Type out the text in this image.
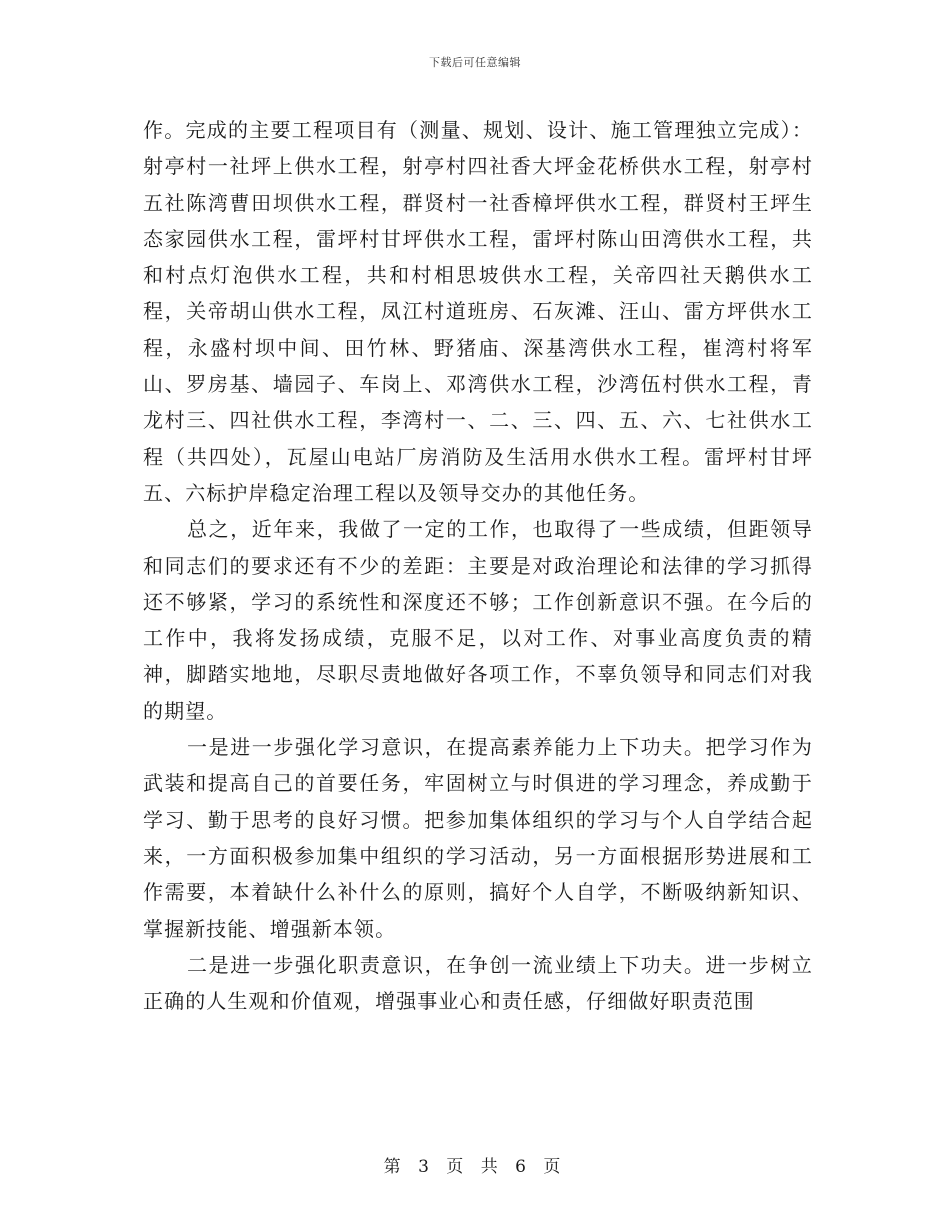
下载后可任意编辑

作。完成的主要工程项目有（测量、规划、设计、施工管理独立完成）：射亭村一社坪上供水工程，射亭村四社香大坪金花桥供水工程，射亭村五社陈湾曹田坝供水工程，群贤村一社香樟坪供水工程，群贤村王坪生态家园供水工程，雷坪村甘坪供水工程，雷坪村陈山田湾供水工程，共和村点灯泡供水工程，共和村相思坡供水工程，关帝四社天鹅供水工程，关帝胡山供水工程，凤江村道班房、石灰滩、汪山、雷方坪供水工程，永盛村坝中间、田竹林、野猪庙、深基湾供水工程，崔湾村将军山、罗房基、墙园子、车岗上、邓湾供水工程，沙湾伍村供水工程，青龙村三、四社供水工程，李湾村一、二、三、四、五、六、七社供水工程（共四处），瓦屋山电站厂房消防及生活用水供水工程。雷坪村甘坪五、六标护岸稳定治理工程以及领导交办的其他任务。

总之，近年来，我做了一定的工作，也取得了一些成绩，但距领导和同志们的要求还有不少的差距：主要是对政治理论和法律的学习抓得还不够紧，学习的系统性和深度还不够；工作创新意识不强。在今后的工作中，我将发扬成绩，克服不足，以对工作、对事业高度负责的精神，脚踏实地地，尽职尽责地做好各项工作，不辜负领导和同志们对我的期望。

一是进一步强化学习意识，在提高素养能力上下功夫。把学习作为武装和提高自己的首要任务，牢固树立与时俱进的学习理念，养成勤于学习、勤于思考的良好习惯。把参加集体组织的学习与个人自学结合起来，一方面积极参加集中组织的学习活动，另一方面根据形势进展和工作需要，本着缺什么补什么的原则，搞好个人自学，不断吸纳新知识、掌握新技能、增强新本领。

二是进一步强化职责意识，在争创一流业绩上下功夫。进一步树立正确的人生观和价值观，增强事业心和责任感，仔细做好职责范围

第 3 页 共 6 页
